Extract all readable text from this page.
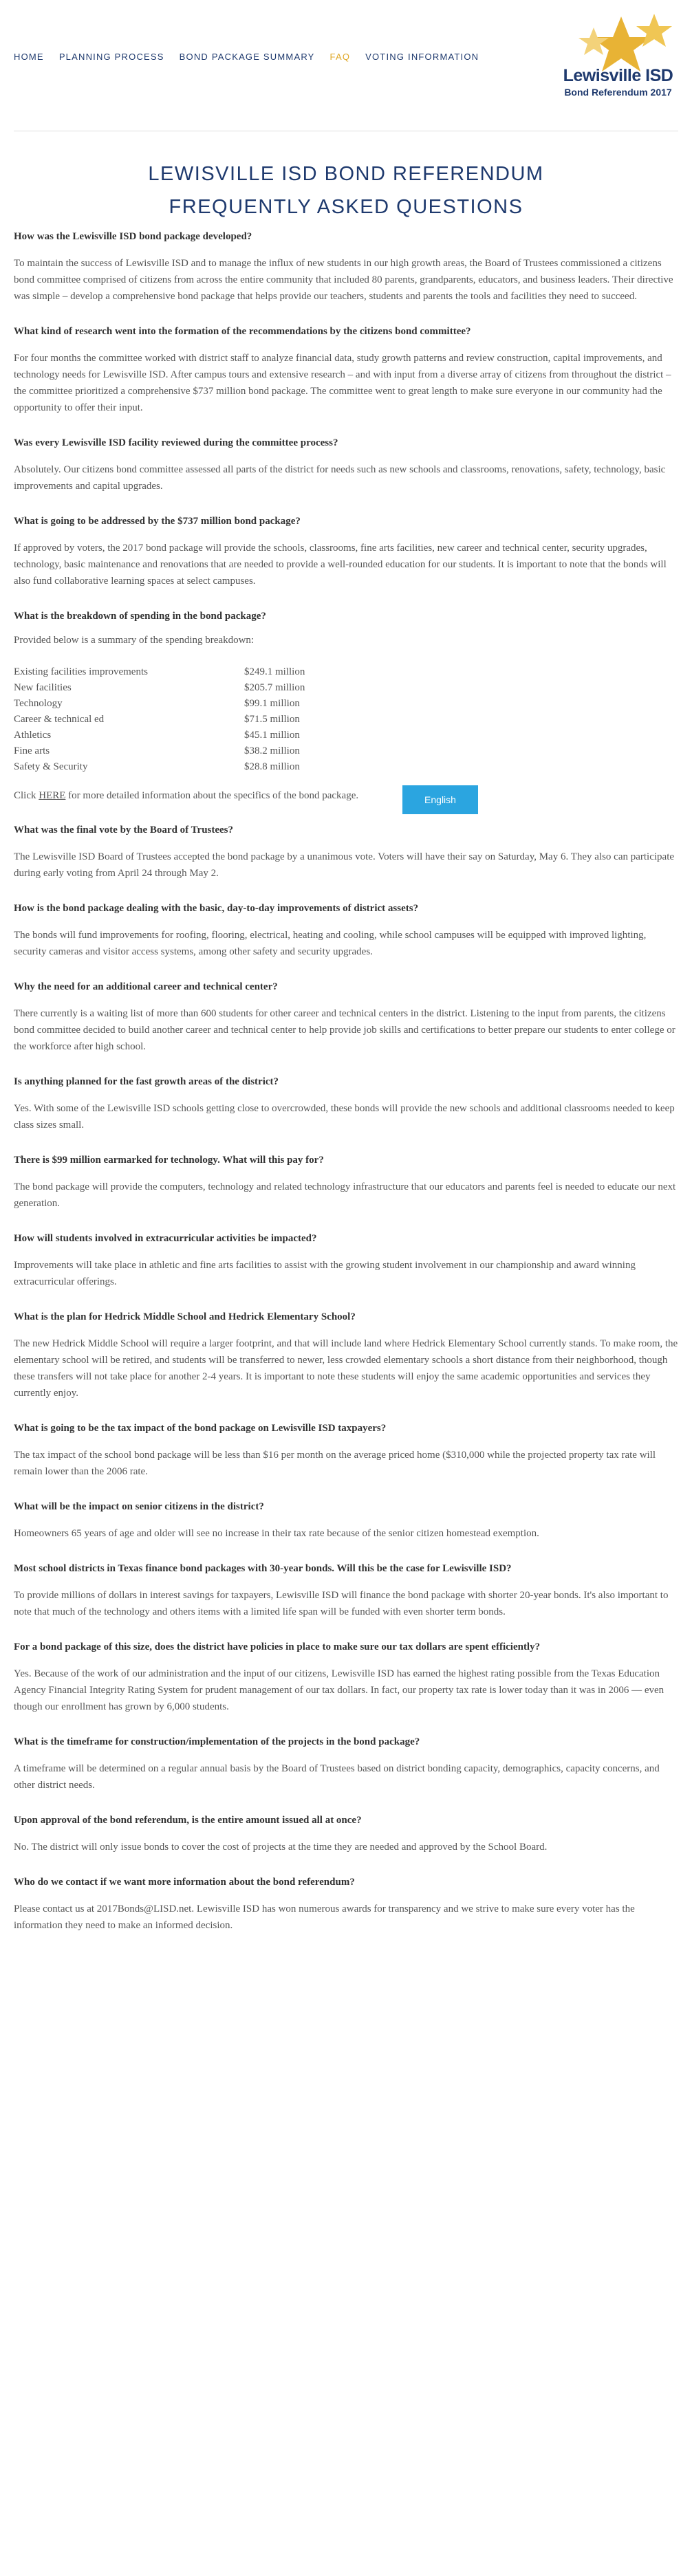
HOME PLANNING PROCESS BOND PACKAGE SUMMARY FAQ VOTING INFORMATION
Lewisville ISD
Bond Referendum 2017
LEWISVILLE ISD BOND REFERENDUM
FREQUENTLY ASKED QUESTIONS

How was the Lewisville ISD bond package developed?

To maintain the success of Lewisville ISD and to manage the influx of new students in our high growth areas, the Board of Trustees commissioned a citizens bond committee comprised of citizens from across the entire community that included 80 parents, grandparents, educators, and business leaders. Their directive was simple – develop a comprehensive bond package that helps provide our teachers, students and parents the tools and facilities they need to succeed.

What kind of research went into the formation of the recommendations by the citizens bond committee?

For four months the committee worked with district staff to analyze financial data, study growth patterns and review construction, capital improvements, and technology needs for Lewisville ISD. After campus tours and extensive research – and with input from a diverse array of citizens from throughout the district – the committee prioritized a comprehensive $737 million bond package. The committee went to great length to make sure everyone in our community had the opportunity to offer their input.

Was every Lewisville ISD facility reviewed during the committee process?

Absolutely. Our citizens bond committee assessed all parts of the district for needs such as new schools and classrooms, renovations, safety, technology, basic improvements and capital upgrades.

What is going to be addressed by the $737 million bond package?

If approved by voters, the 2017 bond package will provide the schools, classrooms, fine arts facilities, new career and technical center, security upgrades, technology, basic maintenance and renovations that are needed to provide a well-rounded education for our students. It is important to note that the bonds will also fund collaborative learning spaces at select campuses.

What is the breakdown of spending in the bond package?

Provided below is a summary of the spending breakdown:

Existing facilities improvements	$249.1 million
New facilities	$205.7 million
Technology	$99.1 million
Career & technical ed	$71.5 million
Athletics	$45.1 million
Fine arts	$38.2 million
Safety & Security	$28.8 million
English

Click HERE for more detailed information about the specifics of the bond package.

What was the final vote by the Board of Trustees?

The Lewisville ISD Board of Trustees accepted the bond package by a unanimous vote. Voters will have their say on Saturday, May 6. They also can participate during early voting from April 24 through May 2.

How is the bond package dealing with the basic, day-to-day improvements of district assets?

The bonds will fund improvements for roofing, flooring, electrical, heating and cooling, while school campuses will be equipped with improved lighting, security cameras and visitor access systems, among other safety and security upgrades.

Why the need for an additional career and technical center?

There currently is a waiting list of more than 600 students for other career and technical centers in the district. Listening to the input from parents, the citizens bond committee decided to build another career and technical center to help provide job skills and certifications to better prepare our students to enter college or the workforce after high school.

Is anything planned for the fast growth areas of the district?

Yes. With some of the Lewisville ISD schools getting close to overcrowded, these bonds will provide the new schools and additional classrooms needed to keep class sizes small.

There is $99 million earmarked for technology. What will this pay for?

The bond package will provide the computers, technology and related technology infrastructure that our educators and parents feel is needed to educate our next generation.

How will students involved in extracurricular activities be impacted?

Improvements will take place in athletic and fine arts facilities to assist with the growing student involvement in our championship and award winning extracurricular offerings.

What is the plan for Hedrick Middle School and Hedrick Elementary School?

The new Hedrick Middle School will require a larger footprint, and that will include land where Hedrick Elementary School currently stands. To make room, the elementary school will be retired, and students will be transferred to newer, less crowded elementary schools a short distance from their neighborhood, though these transfers will not take place for another 2-4 years. It is important to note these students will enjoy the same academic opportunities and services they currently enjoy.

What is going to be the tax impact of the bond package on Lewisville ISD taxpayers?

The tax impact of the school bond package will be less than $16 per month on the average priced home ($310,000 while the projected property tax rate will remain lower than the 2006 rate.

What will be the impact on senior citizens in the district?

Homeowners 65 years of age and older will see no increase in their tax rate because of the senior citizen homestead exemption.

Most school districts in Texas finance bond packages with 30-year bonds. Will this be the case for Lewisville ISD?

To provide millions of dollars in interest savings for taxpayers, Lewisville ISD will finance the bond package with shorter 20-year bonds. It's also important to note that much of the technology and others items with a limited life span will be funded with even shorter term bonds.

For a bond package of this size, does the district have policies in place to make sure our tax dollars are spent efficiently?

Yes. Because of the work of our administration and the input of our citizens, Lewisville ISD has earned the highest rating possible from the Texas Education Agency Financial Integrity Rating System for prudent management of our tax dollars. In fact, our property tax rate is lower today than it was in 2006 — even though our enrollment has grown by 6,000 students.

What is the timeframe for construction/implementation of the projects in the bond package?

A timeframe will be determined on a regular annual basis by the Board of Trustees based on district bonding capacity, demographics, capacity concerns, and other district needs.

Upon approval of the bond referendum, is the entire amount issued all at once?

No. The district will only issue bonds to cover the cost of projects at the time they are needed and approved by the School Board.

Who do we contact if we want more information about the bond referendum?

Please contact us at 2017Bonds@LISD.net. Lewisville ISD has won numerous awards for transparency and we strive to make sure every voter has the information they need to make an informed decision.
